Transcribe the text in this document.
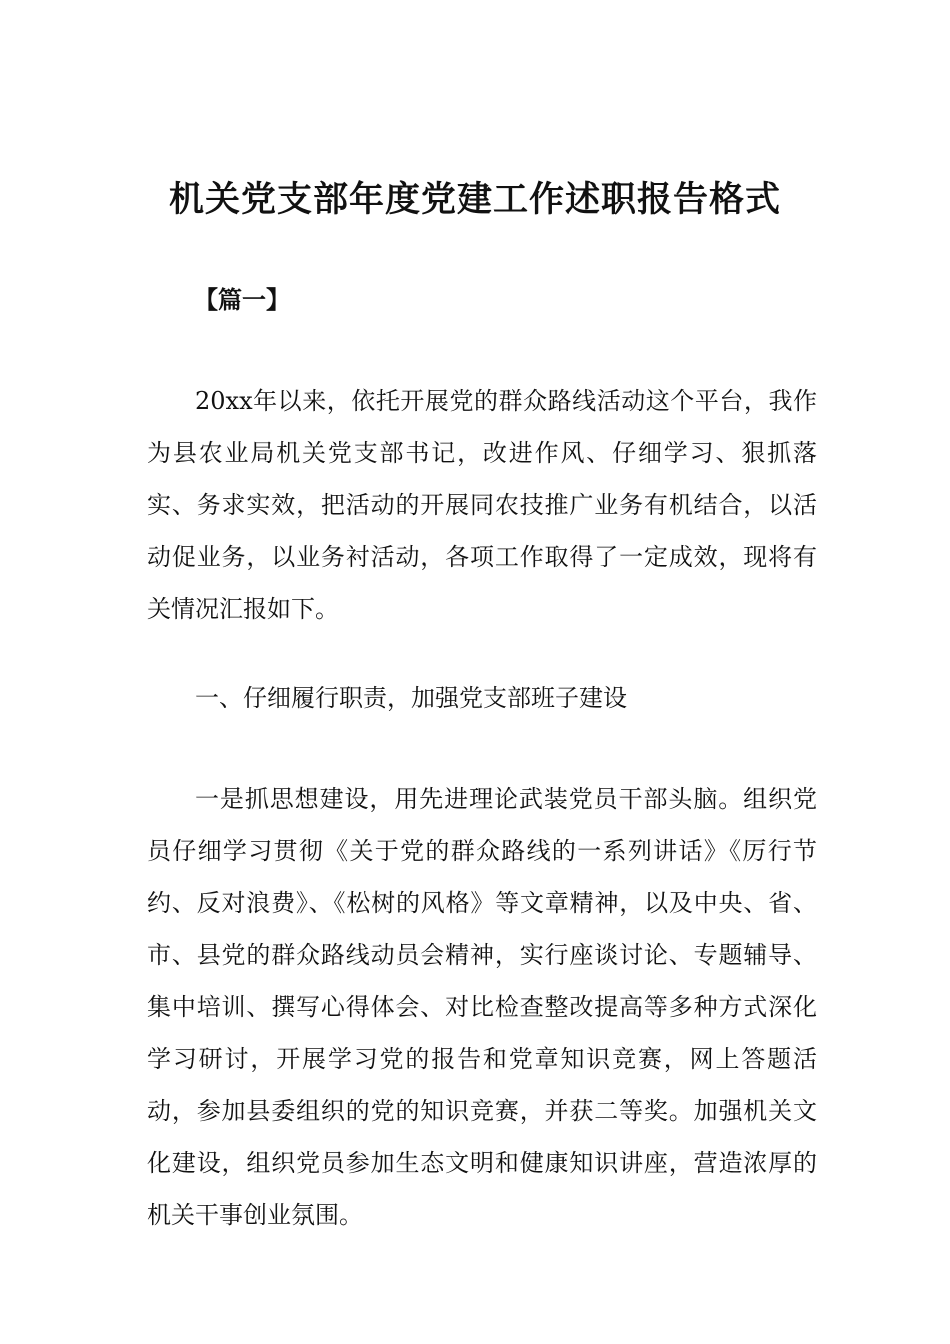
机关党支部年度党建工作述职报告格式
【篇一】

20xx年以来，依托开展党的群众路线活动这个平台，我作为县农业局机关党支部书记，改进作风、仔细学习、狠抓落实、务求实效，把活动的开展同农技推广业务有机结合，以活动促业务，以业务衬活动，各项工作取得了一定成效，现将有关情况汇报如下。

一、仔细履行职责，加强党支部班子建设

一是抓思想建设，用先进理论武装党员干部头脑。组织党员仔细学习贯彻《关于党的群众路线的一系列讲话》《厉行节约、反对浪费》、《松树的风格》等文章精神，以及中央、省、市、县党的群众路线动员会精神，实行座谈讨论、专题辅导、集中培训、撰写心得体会、对比检查整改提高等多种方式深化学习研讨，开展学习党的报告和党章知识竞赛，网上答题活动，参加县委组织的党的知识竞赛，并获二等奖。加强机关文化建设，组织党员参加生态文明和健康知识讲座，营造浓厚的机关干事创业氛围。
